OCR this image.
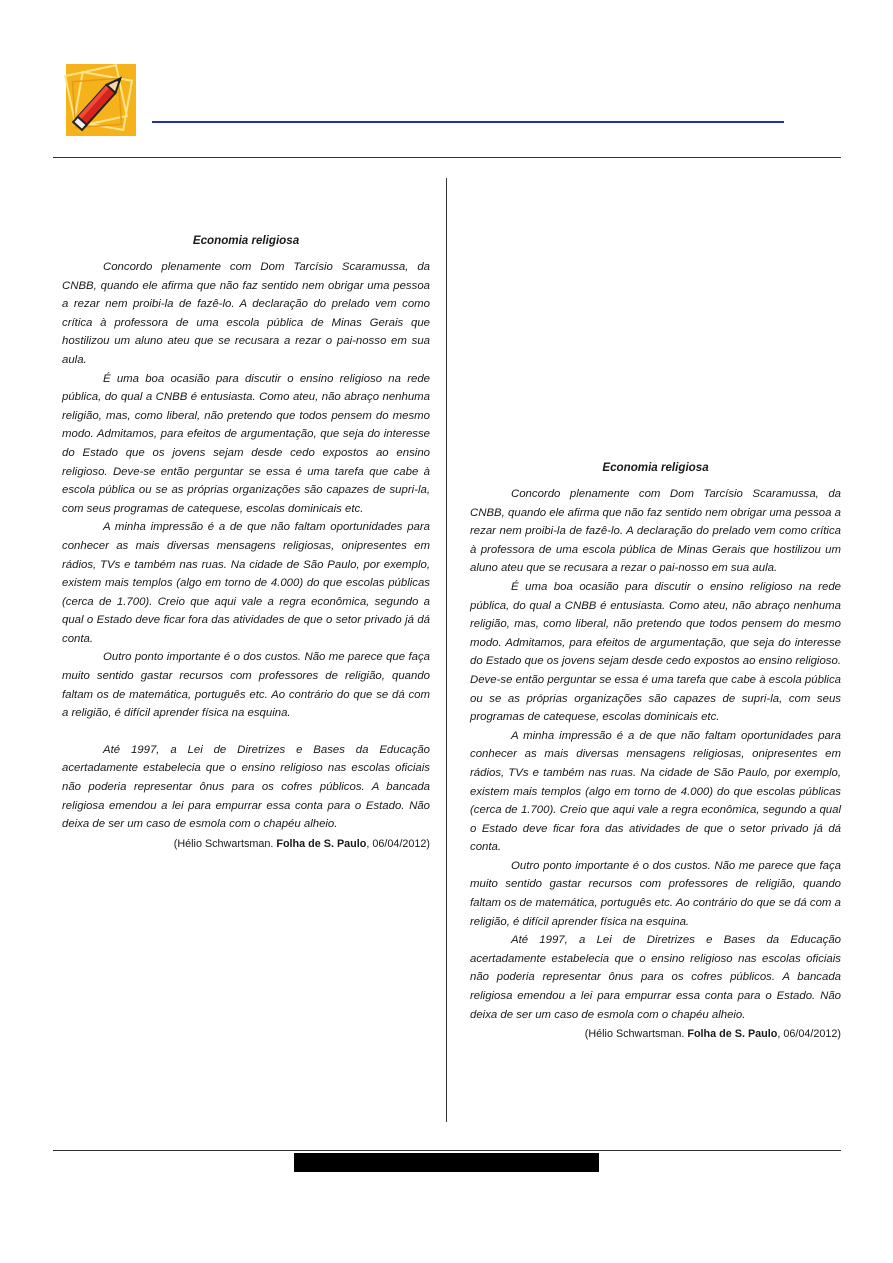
Economia religiosa

Concordo plenamente com Dom Tarcísio Scaramussa, da CNBB, quando ele afirma que não faz sentido nem obrigar uma pessoa a rezar nem proibi-la de fazê-lo. A declaração do prelado vem como crítica à professora de uma escola pública de Minas Gerais que hostilizou um aluno ateu que se recusara a rezar o pai-nosso em sua aula.

É uma boa ocasião para discutir o ensino religioso na rede pública, do qual a CNBB é entusiasta. Como ateu, não abraço nenhuma religião, mas, como liberal, não pretendo que todos pensem do mesmo modo. Admitamos, para efeitos de argumentação, que seja do interesse do Estado que os jovens sejam desde cedo expostos ao ensino religioso. Deve-se então perguntar se essa é uma tarefa que cabe à escola pública ou se as próprias organizações são capazes de supri-la, com seus programas de catequese, escolas dominicais etc.

A minha impressão é a de que não faltam oportunidades para conhecer as mais diversas mensagens religiosas, onipresentes em rádios, TVs e também nas ruas. Na cidade de São Paulo, por exemplo, existem mais templos (algo em torno de 4.000) do que escolas públicas (cerca de 1.700). Creio que aqui vale a regra econômica, segundo a qual o Estado deve ficar fora das atividades de que o setor privado já dá conta.

Outro ponto importante é o dos custos. Não me parece que faça muito sentido gastar recursos com professores de religião, quando faltam os de matemática, português etc. Ao contrário do que se dá com a religião, é difícil aprender física na esquina.

Até 1997, a Lei de Diretrizes e Bases da Educação acertadamente estabelecia que o ensino religioso nas escolas oficiais não poderia representar ônus para os cofres públicos. A bancada religiosa emendou a lei para empurrar essa conta para o Estado. Não deixa de ser um caso de esmola com o chapéu alheio.

(Hélio Schwartsman. Folha de S. Paulo, 06/04/2012)

Economia religiosa

Concordo plenamente com Dom Tarcísio Scaramussa, da CNBB, quando ele afirma que não faz sentido nem obrigar uma pessoa a rezar nem proibi-la de fazê-lo. A declaração do prelado vem como crítica à professora de uma escola pública de Minas Gerais que hostilizou um aluno ateu que se recusara a rezar o pai-nosso em sua aula.

É uma boa ocasião para discutir o ensino religioso na rede pública, do qual a CNBB é entusiasta. Como ateu, não abraço nenhuma religião, mas, como liberal, não pretendo que todos pensem do mesmo modo. Admitamos, para efeitos de argumentação, que seja do interesse do Estado que os jovens sejam desde cedo expostos ao ensino religioso. Deve-se então perguntar se essa é uma tarefa que cabe à escola pública ou se as próprias organizações são capazes de supri-la, com seus programas de catequese, escolas dominicais etc.

A minha impressão é a de que não faltam oportunidades para conhecer as mais diversas mensagens religiosas, onipresentes em rádios, TVs e também nas ruas. Na cidade de São Paulo, por exemplo, existem mais templos (algo em torno de 4.000) do que escolas públicas (cerca de 1.700). Creio que aqui vale a regra econômica, segundo a qual o Estado deve ficar fora das atividades de que o setor privado já dá conta.

Outro ponto importante é o dos custos. Não me parece que faça muito sentido gastar recursos com professores de religião, quando faltam os de matemática, português etc. Ao contrário do que se dá com a religião, é difícil aprender física na esquina.

Até 1997, a Lei de Diretrizes e Bases da Educação acertadamente estabelecia que o ensino religioso nas escolas oficiais não poderia representar ônus para os cofres públicos. A bancada religiosa emendou a lei para empurrar essa conta para o Estado. Não deixa de ser um caso de esmola com o chapéu alheio.

(Hélio Schwartsman. Folha de S. Paulo, 06/04/2012)
